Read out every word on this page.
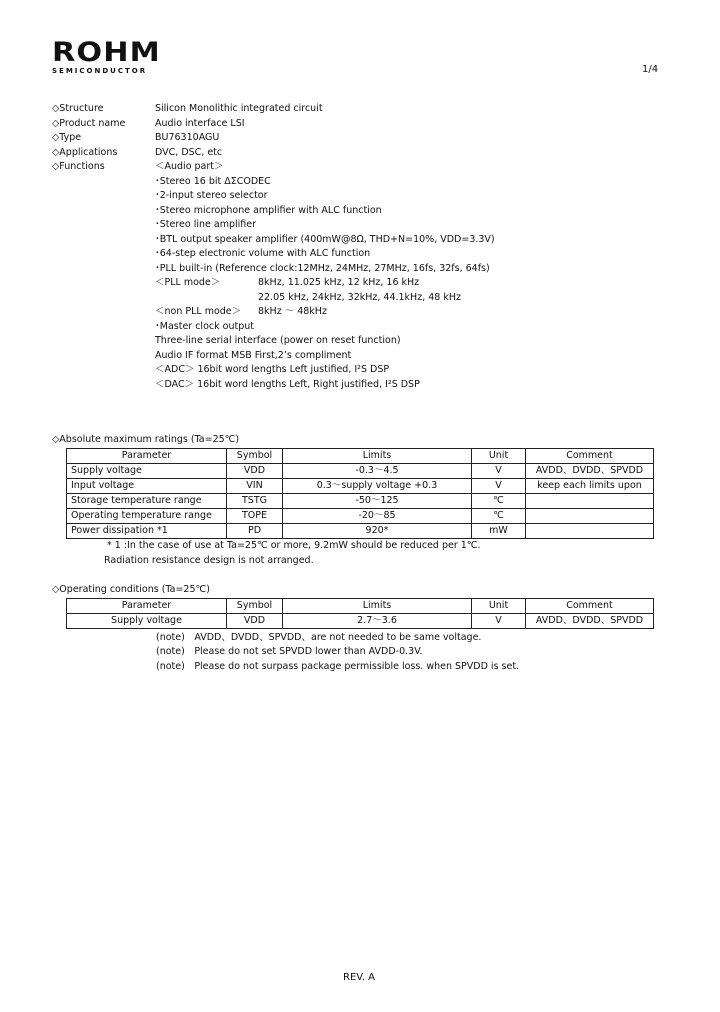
ROHM
SEMICONDUCTOR	1/4
◇Structure	Silicon Monolithic integrated circuit
◇Product name	Audio interface LSI
◇Type	BU76310AGU
◇Applications	DVC, DSC, etc
◇Functions	＜Audio part＞
･Stereo 16 bit ΔΣCODEC
･2-input stereo selector
･Stereo microphone amplifier with ALC function
･Stereo line amplifier
･BTL output speaker amplifier (400mW@8Ω, THD+N=10%, VDD=3.3V)
･64-step electronic volume with ALC function
･PLL built-in (Reference clock:12MHz, 24MHz, 27MHz, 16fs, 32fs, 64fs)
＜PLL mode＞	8kHz, 11.025 kHz, 12 kHz, 16 kHz
22.05 kHz, 24kHz, 32kHz, 44.1kHz, 48 kHz
＜non PLL mode＞ 8kHz ～ 48kHz
･Master clock output
Three-line serial interface (power on reset function)
Audio IF format MSB First,2’s compliment
＜ADC＞ 16bit word lengths Left justified, I²S DSP
＜DAC＞ 16bit word lengths Left, Right justified, I²S DSP
◇Absolute maximum ratings (Ta=25℃)
Parameter	Symbol	Limits	Unit	Comment
Supply voltage	VDD	-0.3～4.5	V	AVDD、DVDD、SPVDD
Input voltage	VIN	0.3～supply voltage +0.3	V	keep each limits upon
Storage temperature range	TSTG	-50～125	℃	
Operating temperature range	TOPE	-20～85	℃	
Power dissipation *1	PD	920*	mW	
* 1 :In the case of use at Ta=25℃ or more, 9.2mW should be reduced per 1℃.
Radiation resistance design is not arranged.
◇Operating conditions (Ta=25℃)
Parameter	Symbol	Limits	Unit	Comment
Supply voltage	VDD	2.7～3.6	V	AVDD、DVDD、SPVDD
(note)　AVDD、DVDD、SPVDD、are not needed to be same voltage.
(note)　Please do not set SPVDD lower than AVDD-0.3V.
(note)　Please do not surpass package permissible loss. when SPVDD is set.
REV. A
